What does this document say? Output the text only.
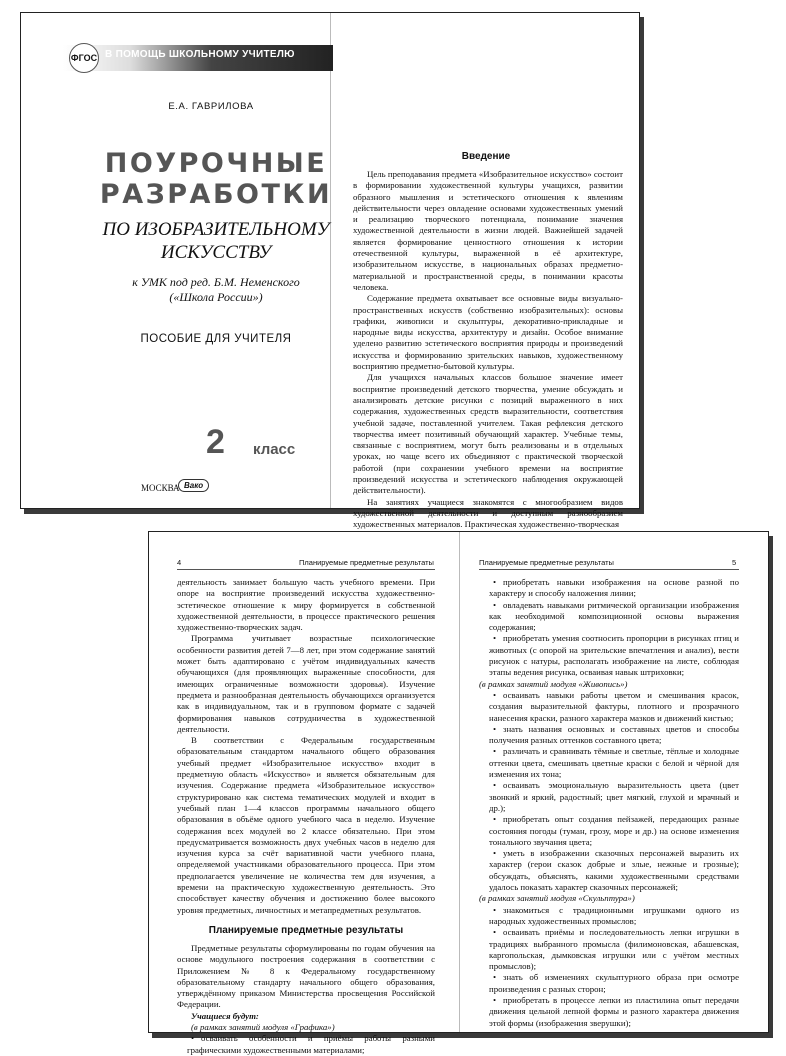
ФГОС В ПОМОЩЬ ШКОЛЬНОМУ УЧИТЕЛЮ
Е.А. ГАВРИЛОВА
ПОУРОЧНЫЕ
РАЗРАБОТКИ
ПО ИЗОБРАЗИТЕЛЬНОМУ
ИСКУССТВУ
к УМК под ред. Б.М. Неменского
(«Школа России»)
ПОСОБИЕ ДЛЯ УЧИТЕЛЯ
2 класс
МОСКВА Вако
Введение

Цель преподавания предмета «Изобразительное искусство» состоит в формировании художественной культуры учащихся, развитии образного мышления и эстетического отношения к явлениям действительности через овладение основами художественных умений и реализацию творческого потенциала, понимание значения художественной деятельности в жизни людей. Важнейшей задачей является формирование ценностного отношения к истории отечественной культуры, выраженной в её архитектуре, изобразительном искусстве, в национальных образах предметно-материальной и пространственной среды, в понимании красоты человека.

Содержание предмета охватывает все основные виды визуально-пространственных искусств (собственно изобразительных): основы графики, живописи и скульптуры, декоративно-прикладные и народные виды искусства, архитектуру и дизайн. Особое внимание уделено развитию эстетического восприятия природы и произведений искусства и формированию зрительских навыков, художественному восприятию предметно-бытовой культуры.

Для учащихся начальных классов большое значение имеет восприятие произведений детского творчества, умение обсуждать и анализировать детские рисунки с позиций выраженного в них содержания, художественных средств выразительности, соответствия учебной задаче, поставленной учителем. Такая рефлексия детского творчества имеет позитивный обучающий характер. Учебные темы, связанные с восприятием, могут быть реализованы и в отдельных уроках, но чаще всего их объединяют с практической творческой работой (при сохранении учебного времени на восприятие произведений искусства и эстетического наблюдения окружающей действительности).

На занятиях учащиеся знакомятся с многообразием видов художественной деятельности и доступным разнообразием художественных материалов. Практическая художественно-творческая

4	Планируемые предметные результаты	Планируемые предметные результаты	5

деятельность занимает большую часть учебного времени. При опоре на восприятие произведений искусства художественно-эстетическое отношение к миру формируется в собственной художественной деятельности, в процессе практического решения художественно-творческих задач.

Программа учитывает возрастные психологические особенности развития детей 7—8 лет, при этом содержание занятий может быть адаптировано с учётом индивидуальных качеств обучающихся (для проявляющих выраженные способности, для имеющих ограниченные возможности здоровья). Изучение предмета и разнообразная деятельность обучающихся организуется как в индивидуальном, так и в групповом формате с задачей формирования навыков сотрудничества в художественной деятельности.

В соответствии с Федеральным государственным образовательным стандартом начального общего образования учебный предмет «Изобразительное искусство» входит в предметную область «Искусство» и является обязательным для изучения. Содержание предмета «Изобразительное искусство» структурировано как система тематических модулей и входит в учебный план 1—4 классов программы начального общего образования в объёме одного учебного часа в неделю. Изучение содержания всех модулей во 2 классе обязательно. При этом предусматривается возможность двух учебных часов в неделю для изучения курса за счёт вариативной части учебного плана, определяемой участниками образовательного процесса. При этом предполагается увеличение не количества тем для изучения, а времени на практическую художественную деятельность. Это способствует качеству обучения и достижению более высокого уровня предметных, личностных и метапредметных результатов.

Планируемые предметные результаты

Предметные результаты сформулированы по годам обучения на основе модульного построения содержания в соответствии с Приложением № 8 к Федеральному государственному образовательному стандарту начального общего образования, утверждённому приказом Министерства просвещения Российской Федерации.

Учащиеся будут:

(в рамках занятий модуля «Графика»)

• осваивать особенности и приёмы работы разными графическими художественными материалами;

• приобретать навыки изображения на основе разной по характеру и способу наложения линии;

• овладевать навыками ритмической организации изображения как необходимой композиционной основы выражения содержания;

• приобретать умения соотносить пропорции в рисунках птиц и животных (с опорой на зрительские впечатления и анализ), вести рисунок с натуры, располагать изображение на листе, соблюдая этапы ведения рисунка, осваивая навык штриховки;

(в рамках занятий модуля «Живопись»)

• осваивать навыки работы цветом и смешивания красок, создания выразительной фактуры, плотного и прозрачного нанесения краски, разного характера мазков и движений кистью;

• знать названия основных и составных цветов и способы получения разных оттенков составного цвета;

• различать и сравнивать тёмные и светлые, тёплые и холодные оттенки цвета, смешивать цветные краски с белой и чёрной для изменения их тона;

• осваивать эмоциональную выразительность цвета (цвет звонкий и яркий, радостный; цвет мягкий, глухой и мрачный и др.);

• приобретать опыт создания пейзажей, передающих разные состояния погоды (туман, грозу, море и др.) на основе изменения тонального звучания цвета;

• уметь в изображении сказочных персонажей выразить их характер (герои сказок добрые и злые, нежные и грозные); обсуждать, объяснять, какими художественными средствами удалось показать характер сказочных персонажей;

(в рамках занятий модуля «Скульптура»)

• знакомиться с традиционными игрушками одного из народных художественных промыслов;

• осваивать приёмы и последовательность лепки игрушки в традициях выбранного промысла (филимоновская, абашевская, каргопольская, дымковская игрушки или с учётом местных промыслов);

• знать об изменениях скульптурного образа при осмотре произведения с разных сторон;

• приобретать в процессе лепки из пластилина опыт передачи движения цельной лепной формы и разного характера движения этой формы (изображения зверушки);
